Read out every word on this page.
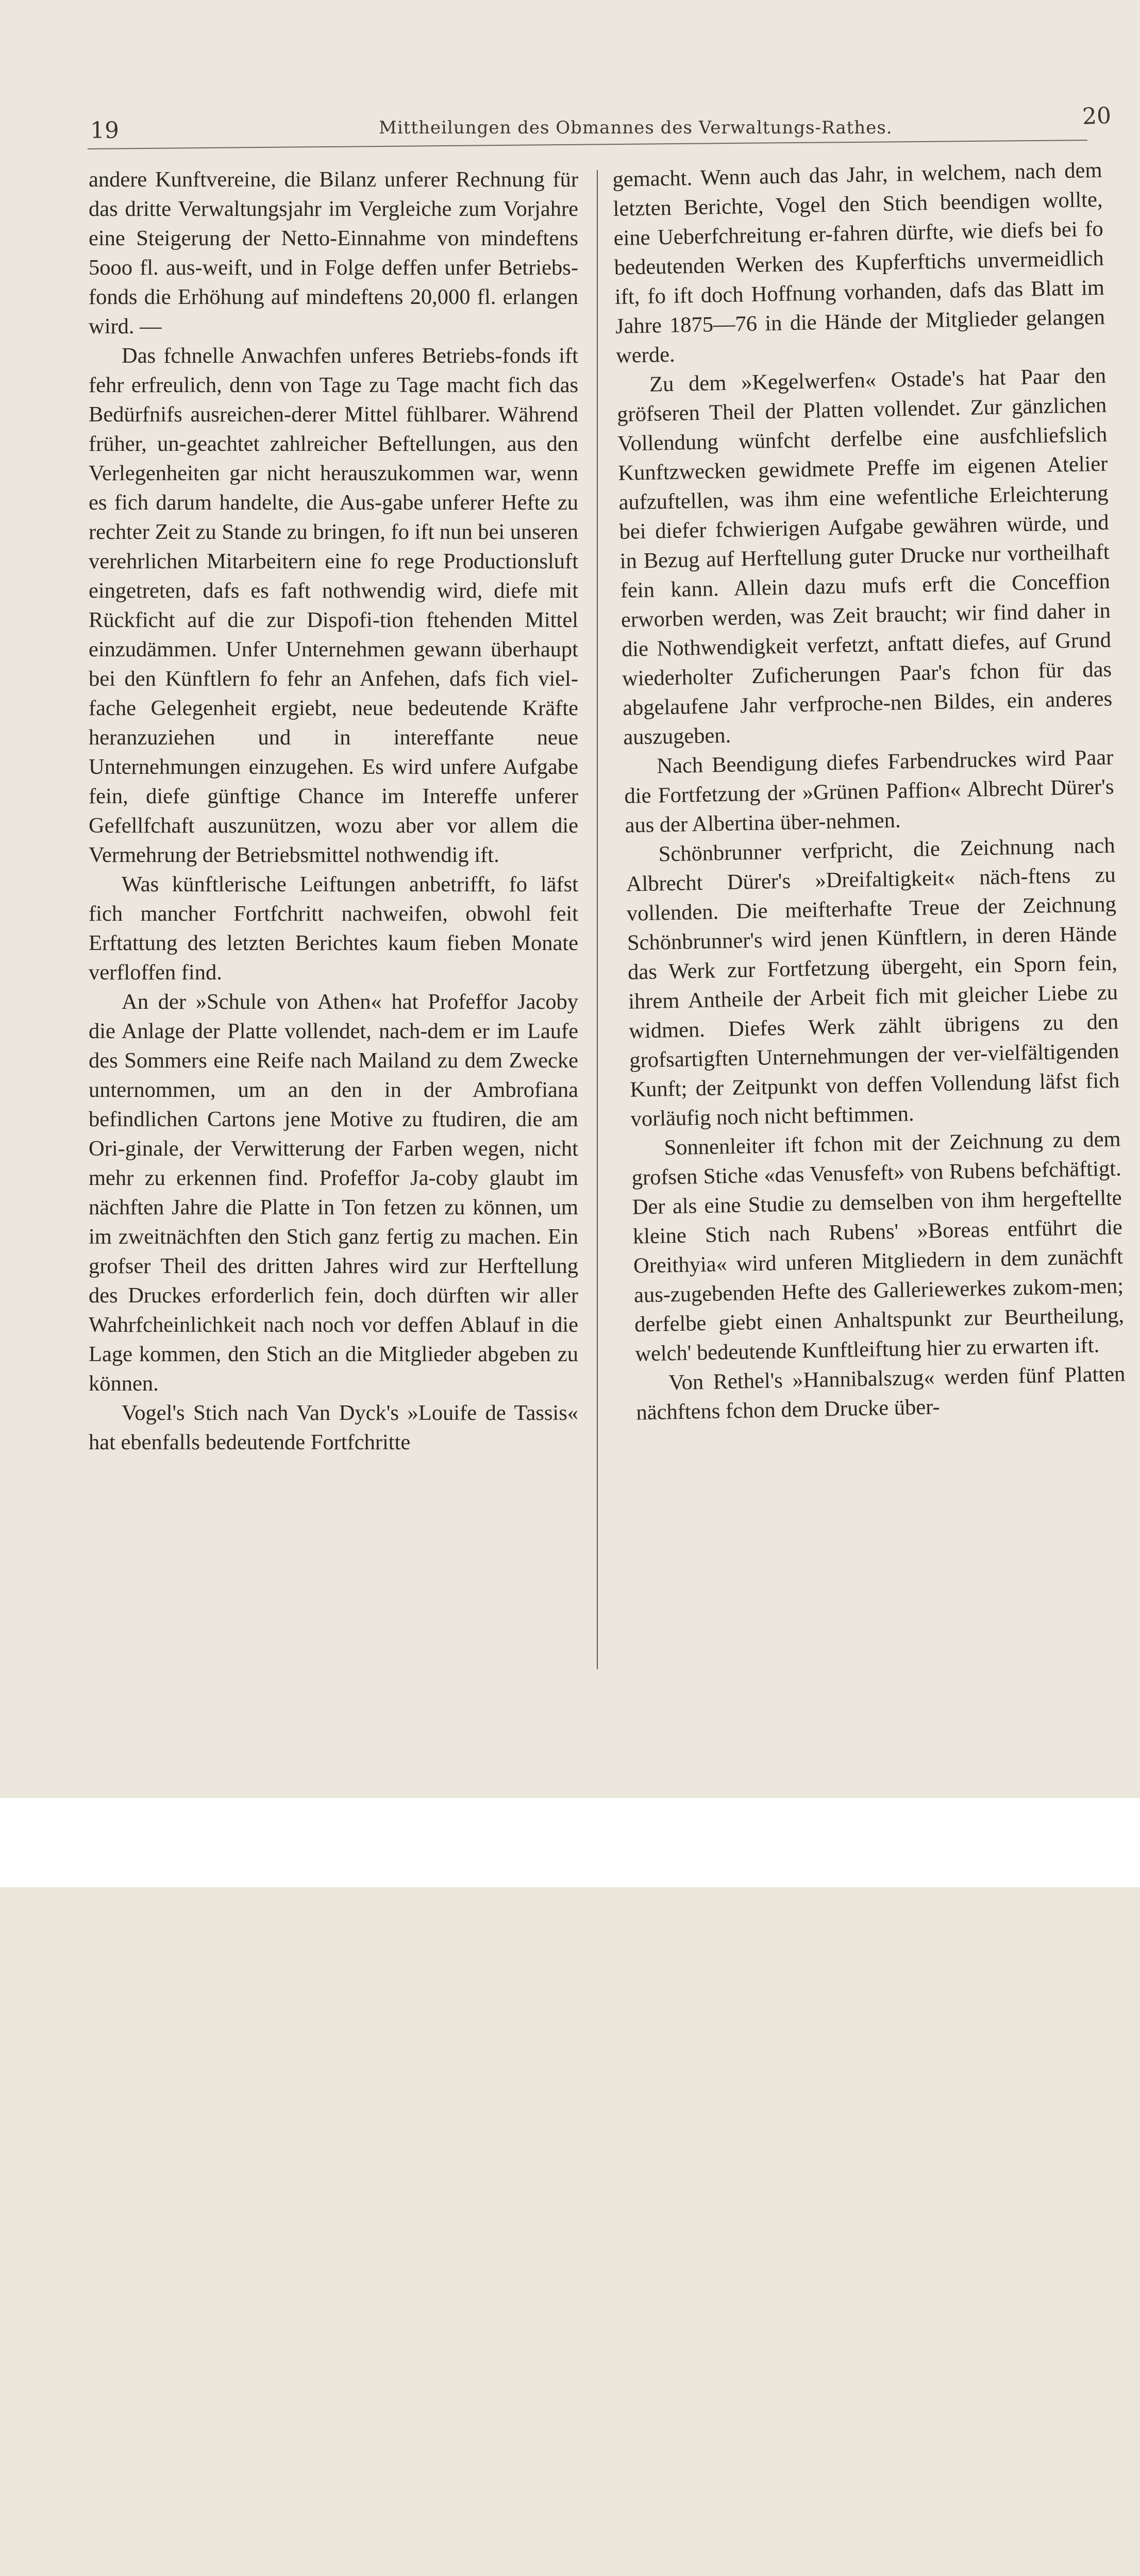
19	Mittheilungen des Obmannes des Verwaltungs-Rathes.	20

andere Kunftvereine, die Bilanz unferer Rechnung für das dritte Verwaltungsjahr im Vergleiche zum Vorjahre eine Steigerung der Netto-Einnahme von mindeftens 5ooo fl. aus-weift, und in Folge deffen unfer Betriebs-fonds die Erhöhung auf mindeftens 20,000 fl. erlangen wird. —

Das fchnelle Anwachfen unferes Betriebs-fonds ift fehr erfreulich, denn von Tage zu Tage macht fich das Bedürfnifs ausreichen-derer Mittel fühlbarer. Während früher, un-geachtet zahlreicher Beftellungen, aus den Verlegenheiten gar nicht herauszukommen war, wenn es fich darum handelte, die Aus-gabe unferer Hefte zu rechter Zeit zu Stande zu bringen, fo ift nun bei unseren verehrlichen Mitarbeitern eine fo rege Productionsluft eingetreten, dafs es faft nothwendig wird, diefe mit Rückficht auf die zur Dispofi-tion ftehenden Mittel einzudämmen. Unfer Unternehmen gewann überhaupt bei den Künftlern fo fehr an Anfehen, dafs fich viel-fache Gelegenheit ergiebt, neue bedeutende Kräfte heranzuziehen und in intereffante neue Unternehmungen einzugehen. Es wird unfere Aufgabe fein, diefe günftige Chance im Intereffe unferer Gefellfchaft auszunützen, wozu aber vor allem die Vermehrung der Betriebsmittel nothwendig ift.

Was künftlerische Leiftungen anbetrifft, fo läfst fich mancher Fortfchritt nachweifen, obwohl feit Erftattung des letzten Berichtes kaum fieben Monate verfloffen find.

An der »Schule von Athen« hat Profeffor Jacoby die Anlage der Platte vollendet, nach-dem er im Laufe des Sommers eine Reife nach Mailand zu dem Zwecke unternommen, um an den in der Ambrofiana befindlichen Cartons jene Motive zu ftudiren, die am Ori-ginale, der Verwitterung der Farben wegen, nicht mehr zu erkennen find. Profeffor Ja-coby glaubt im nächften Jahre die Platte in Ton fetzen zu können, um im zweitnächften den Stich ganz fertig zu machen. Ein grofser Theil des dritten Jahres wird zur Herftellung des Druckes erforderlich fein, doch dürften wir aller Wahrfcheinlichkeit nach noch vor deffen Ablauf in die Lage kommen, den Stich an die Mitglieder abgeben zu können.

Vogel's Stich nach Van Dyck's »Louife de Tassis« hat ebenfalls bedeutende Fortfchritte

gemacht. Wenn auch das Jahr, in welchem, nach dem letzten Berichte, Vogel den Stich beendigen wollte, eine Ueberfchreitung er-fahren dürfte, wie diefs bei fo bedeutenden Werken des Kupferftichs unvermeidlich ift, fo ift doch Hoffnung vorhanden, dafs das Blatt im Jahre 1875—76 in die Hände der Mitglieder gelangen werde.

Zu dem »Kegelwerfen« Ostade's hat Paar den gröfseren Theil der Platten vollendet. Zur gänzlichen Vollendung wünfcht derfelbe eine ausfchliefslich Kunftzwecken gewidmete Preffe im eigenen Atelier aufzuftellen, was ihm eine wefentliche Erleichterung bei diefer fchwierigen Aufgabe gewähren würde, und in Bezug auf Herftellung guter Drucke nur vortheilhaft fein kann. Allein dazu mufs erft die Conceffion erworben werden, was Zeit braucht; wir find daher in die Nothwendigkeit verfetzt, anftatt diefes, auf Grund wiederholter Zuficherungen Paar's fchon für das abgelaufene Jahr verfproche-nen Bildes, ein anderes auszugeben.

Nach Beendigung diefes Farbendruckes wird Paar die Fortfetzung der »Grünen Paffion« Albrecht Dürer's aus der Albertina über-nehmen.

Schönbrunner verfpricht, die Zeichnung nach Albrecht Dürer's »Dreifaltigkeit« näch-ftens zu vollenden. Die meifterhafte Treue der Zeichnung Schönbrunner's wird jenen Künftlern, in deren Hände das Werk zur Fortfetzung übergeht, ein Sporn fein, ihrem Antheile der Arbeit fich mit gleicher Liebe zu widmen. Diefes Werk zählt übrigens zu den grofsartigften Unternehmungen der ver-vielfältigenden Kunft; der Zeitpunkt von deffen Vollendung läfst fich vorläufig noch nicht beftimmen.

Sonnenleiter ift fchon mit der Zeichnung zu dem grofsen Stiche «das Venusfeft» von Rubens befchäftigt. Der als eine Studie zu demselben von ihm hergeftellte kleine Stich nach Rubens' »Boreas entführt die Oreithyia« wird unferen Mitgliedern in dem zunächft aus-zugebenden Hefte des Galleriewerkes zukom-men; derfelbe giebt einen Anhaltspunkt zur Beurtheilung, welch' bedeutende Kunftleiftung hier zu erwarten ift.

Von Rethel's »Hannibalszug« werden fünf Platten nächftens fchon dem Drucke über-
